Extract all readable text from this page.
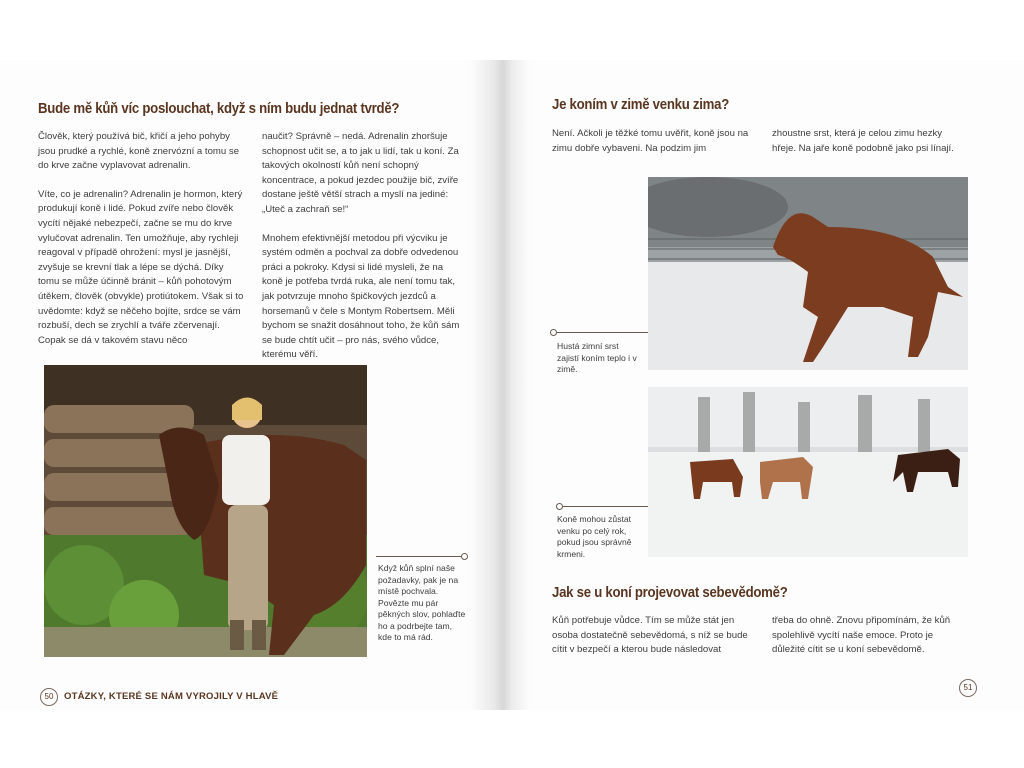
Bude mě kůň víc poslouchat, když s ním budu jednat tvrdě?

Člověk, který používá bič, křičí a jeho pohyby jsou prudké a rychlé, koně znervózní a tomu se do krve začne vyplavovat adrenalin.

Víte, co je adrenalin? Adrenalin je hormon, který produkují koně i lidé. Pokud zvíře nebo člověk vycítí nějaké nebezpečí, začne se mu do krve vylučovat adrenalin. Ten umožňuje, aby rychleji reagoval v případě ohrožení: mysl je jasnější, zvyšuje se krevní tlak a lépe se dýchá. Díky tomu se může účinně bránit – kůň pohotovým útěkem, člověk (obvykle) protiútokem. Však si to uvědomte: když se něčeho bojíte, srdce se vám rozbuší, dech se zrychlí a tváře zčervenají. Copak se dá v takovém stavu něco

naučit? Správně – nedá. Adrenalin zhoršuje schopnost učit se, a to jak u lidí, tak u koní. Za takových okolností kůň není schopný koncentrace, a pokud jezdec použije bič, zvíře dostane ještě větší strach a myslí na jediné: „Uteč a zachraň se!“

Mnohem efektivnější metodou při výcviku je systém odměn a pochval za dobře odvedenou práci a pokroky. Kdysi si lidé mysleli, že na koně je potřeba tvrdá ruka, ale není tomu tak, jak potvrzuje mnoho špičkových jezdců a horsemanů v čele s Montym Robertsem. Měli bychom se snažit dosáhnout toho, že kůň sám se bude chtít učit – pro nás, svého vůdce, kterému věří.

Když kůň splní naše požadavky, pak je na místě pochvala. Povězte mu pár pěkných slov, pohlaďte ho a podrbejte tam, kde to má rád.
50	OTÁZKY, KTERÉ SE NÁM VYROJILY V HLAVĚ
Je koním v zimě venku zima?
Není. Ačkoli je těžké tomu uvěřit, koně jsou na zimu dobře vybaveni. Na podzim jim
zhoustne srst, která je celou zimu hezky hřeje. Na jaře koně podobně jako psi línají.
Hustá zimní srst zajistí koním teplo i v zimě.
Koně mohou zůstat venku po celý rok, pokud jsou správně krmeni.
Jak se u koní projevovat sebevědomě?
Kůň potřebuje vůdce. Tím se může stát jen osoba dostatečně sebevědomá, s níž se bude cítit v bezpečí a kterou bude následovat
třeba do ohně. Znovu připomínám, že kůň spolehlivě vycítí naše emoce. Proto je důležité cítit se u koní sebevědomě.
51
